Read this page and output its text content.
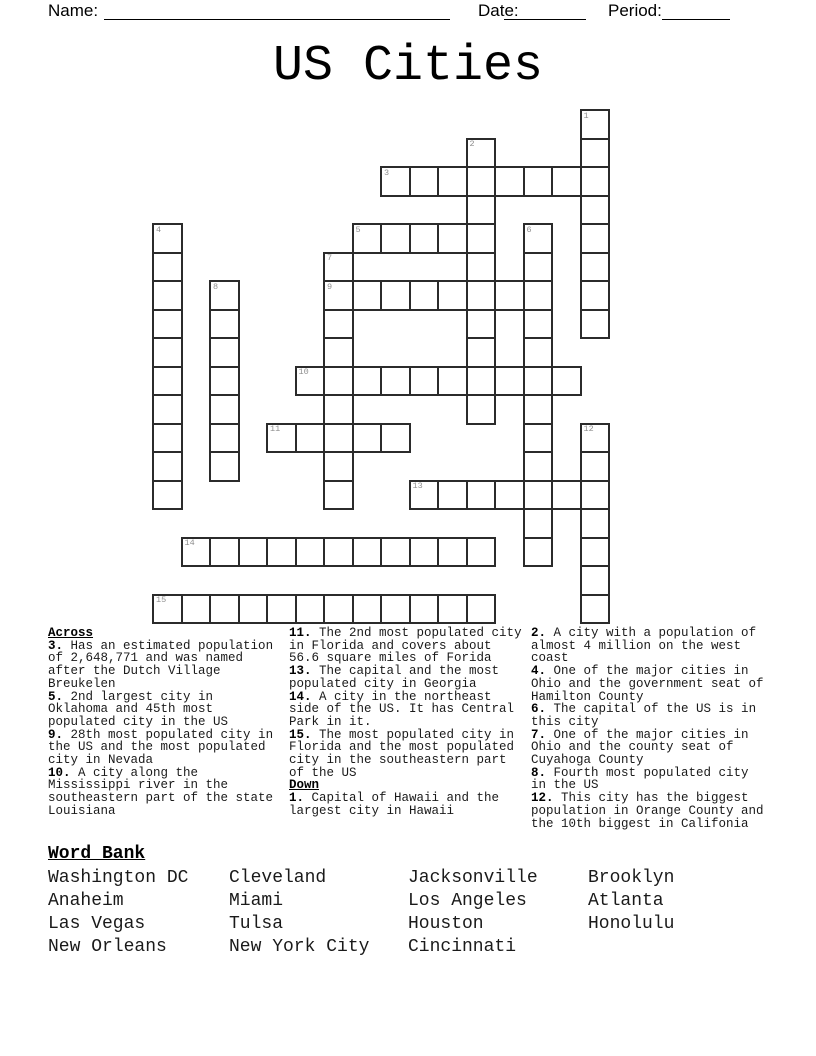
Name:	Date:	Period:
US Cities
1
2
3
4	5	6
7
9
8
10
11	12
13
14
15
Across
3. Has an estimated population of 2,648,771 and was named after the Dutch Village Breukelen
5. 2nd largest city in Oklahoma and 45th most populated city in the US
9. 28th most populated city in the US and the most populated city in Nevada
10. A city along the Mississippi river in the southeastern part of the state Louisiana
11. The 2nd most populated city in Florida and covers about 56.6 square miles of Forida
13. The capital and the most populated city in Georgia
14. A city in the northeast side of the US. It has Central Park in it.
15. The most populated city in Florida and the most populated city in the southeastern part of the US
Down
1. Capital of Hawaii and the largest city in Hawaii
2. A city with a population of almost 4 million on the west coast
4. One of the major cities in Ohio and the government seat of Hamilton County
6. The capital of the US is in this city
7. One of the major cities in Ohio and the county seat of Cuyahoga County
8. Fourth most populated city in the US
12. This city has the biggest population in Orange County and the 10th biggest in Califonia
Word Bank
Washington DC	Cleveland	Jacksonville	Brooklyn
Anaheim	Miami	Los Angeles	Atlanta
Las Vegas	Tulsa	Houston	Honolulu
New Orleans	New York City	Cincinnati
